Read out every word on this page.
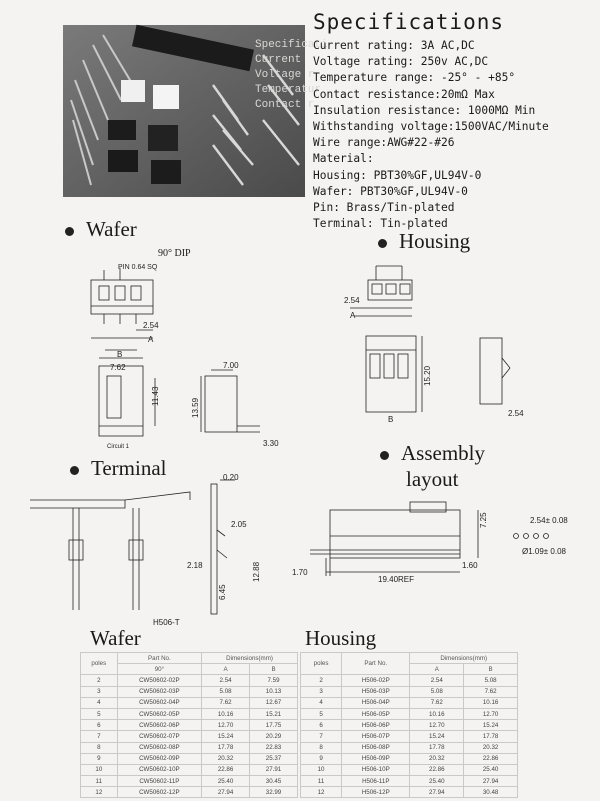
Specificati
Current
Voltage r
Temperatur
Contact r
Specifications
Current rating: 3A AC,DC
Voltage rating: 250v AC,DC
Temperature range: -25° - +85°
Contact resistance:20mΩ Max
Insulation resistance: 1000MΩ Min
Withstanding voltage:1500VAC/Minute
Wire range:AWG#22-#26
Material:
Housing: PBT30%GF,UL94V-0
Wafer: PBT30%GF,UL94V-0
Pin: Brass/Tin-plated
Terminal: Tin-plated
Wafer
90° DIP
Housing
Terminal
Assembly
layout
PIN 0.64 SQ
2.54
A
B
7.62
11.43
Circuit 1
7.00
13.59
3.30
2.54
A
15.20
B
2.54
0.20
2.05
2.18	12.88
6.45
H506-T
7.25
1.70
1.60
19.40REF
2.54± 0.08
Ø1.09± 0.08
Wafer	Housing
poles	Part No.	Dimensions(mm)	
	90°	A	B
2	CW50602-02P	2.54	7.59
3	CW50602-03P	5.08	10.13
4	CW50602-04P	7.62	12.67
5	CW50602-05P	10.16	15.21
6	CW50602-06P	12.70	17.75
7	CW50602-07P	15.24	20.29
8	CW50602-08P	17.78	22.83
9	CW50602-09P	20.32	25.37
10	CW50602-10P	22.86	27.91
11	CW50602-11P	25.40	30.45
12	CW50602-12P	27.94	32.99
poles	Part No.	Dimensions(mm)	
		A	B
2	H506-02P	2.54	5.08
3	H506-03P	5.08	7.62
4	H506-04P	7.62	10.16
5	H506-05P	10.16	12.70
6	H506-06P	12.70	15.24
7	H506-07P	15.24	17.78
8	H506-08P	17.78	20.32
9	H506-09P	20.32	22.86
10	H506-10P	22.86	25.40
11	H506-11P	25.40	27.94
12	H506-12P	27.94	30.48
